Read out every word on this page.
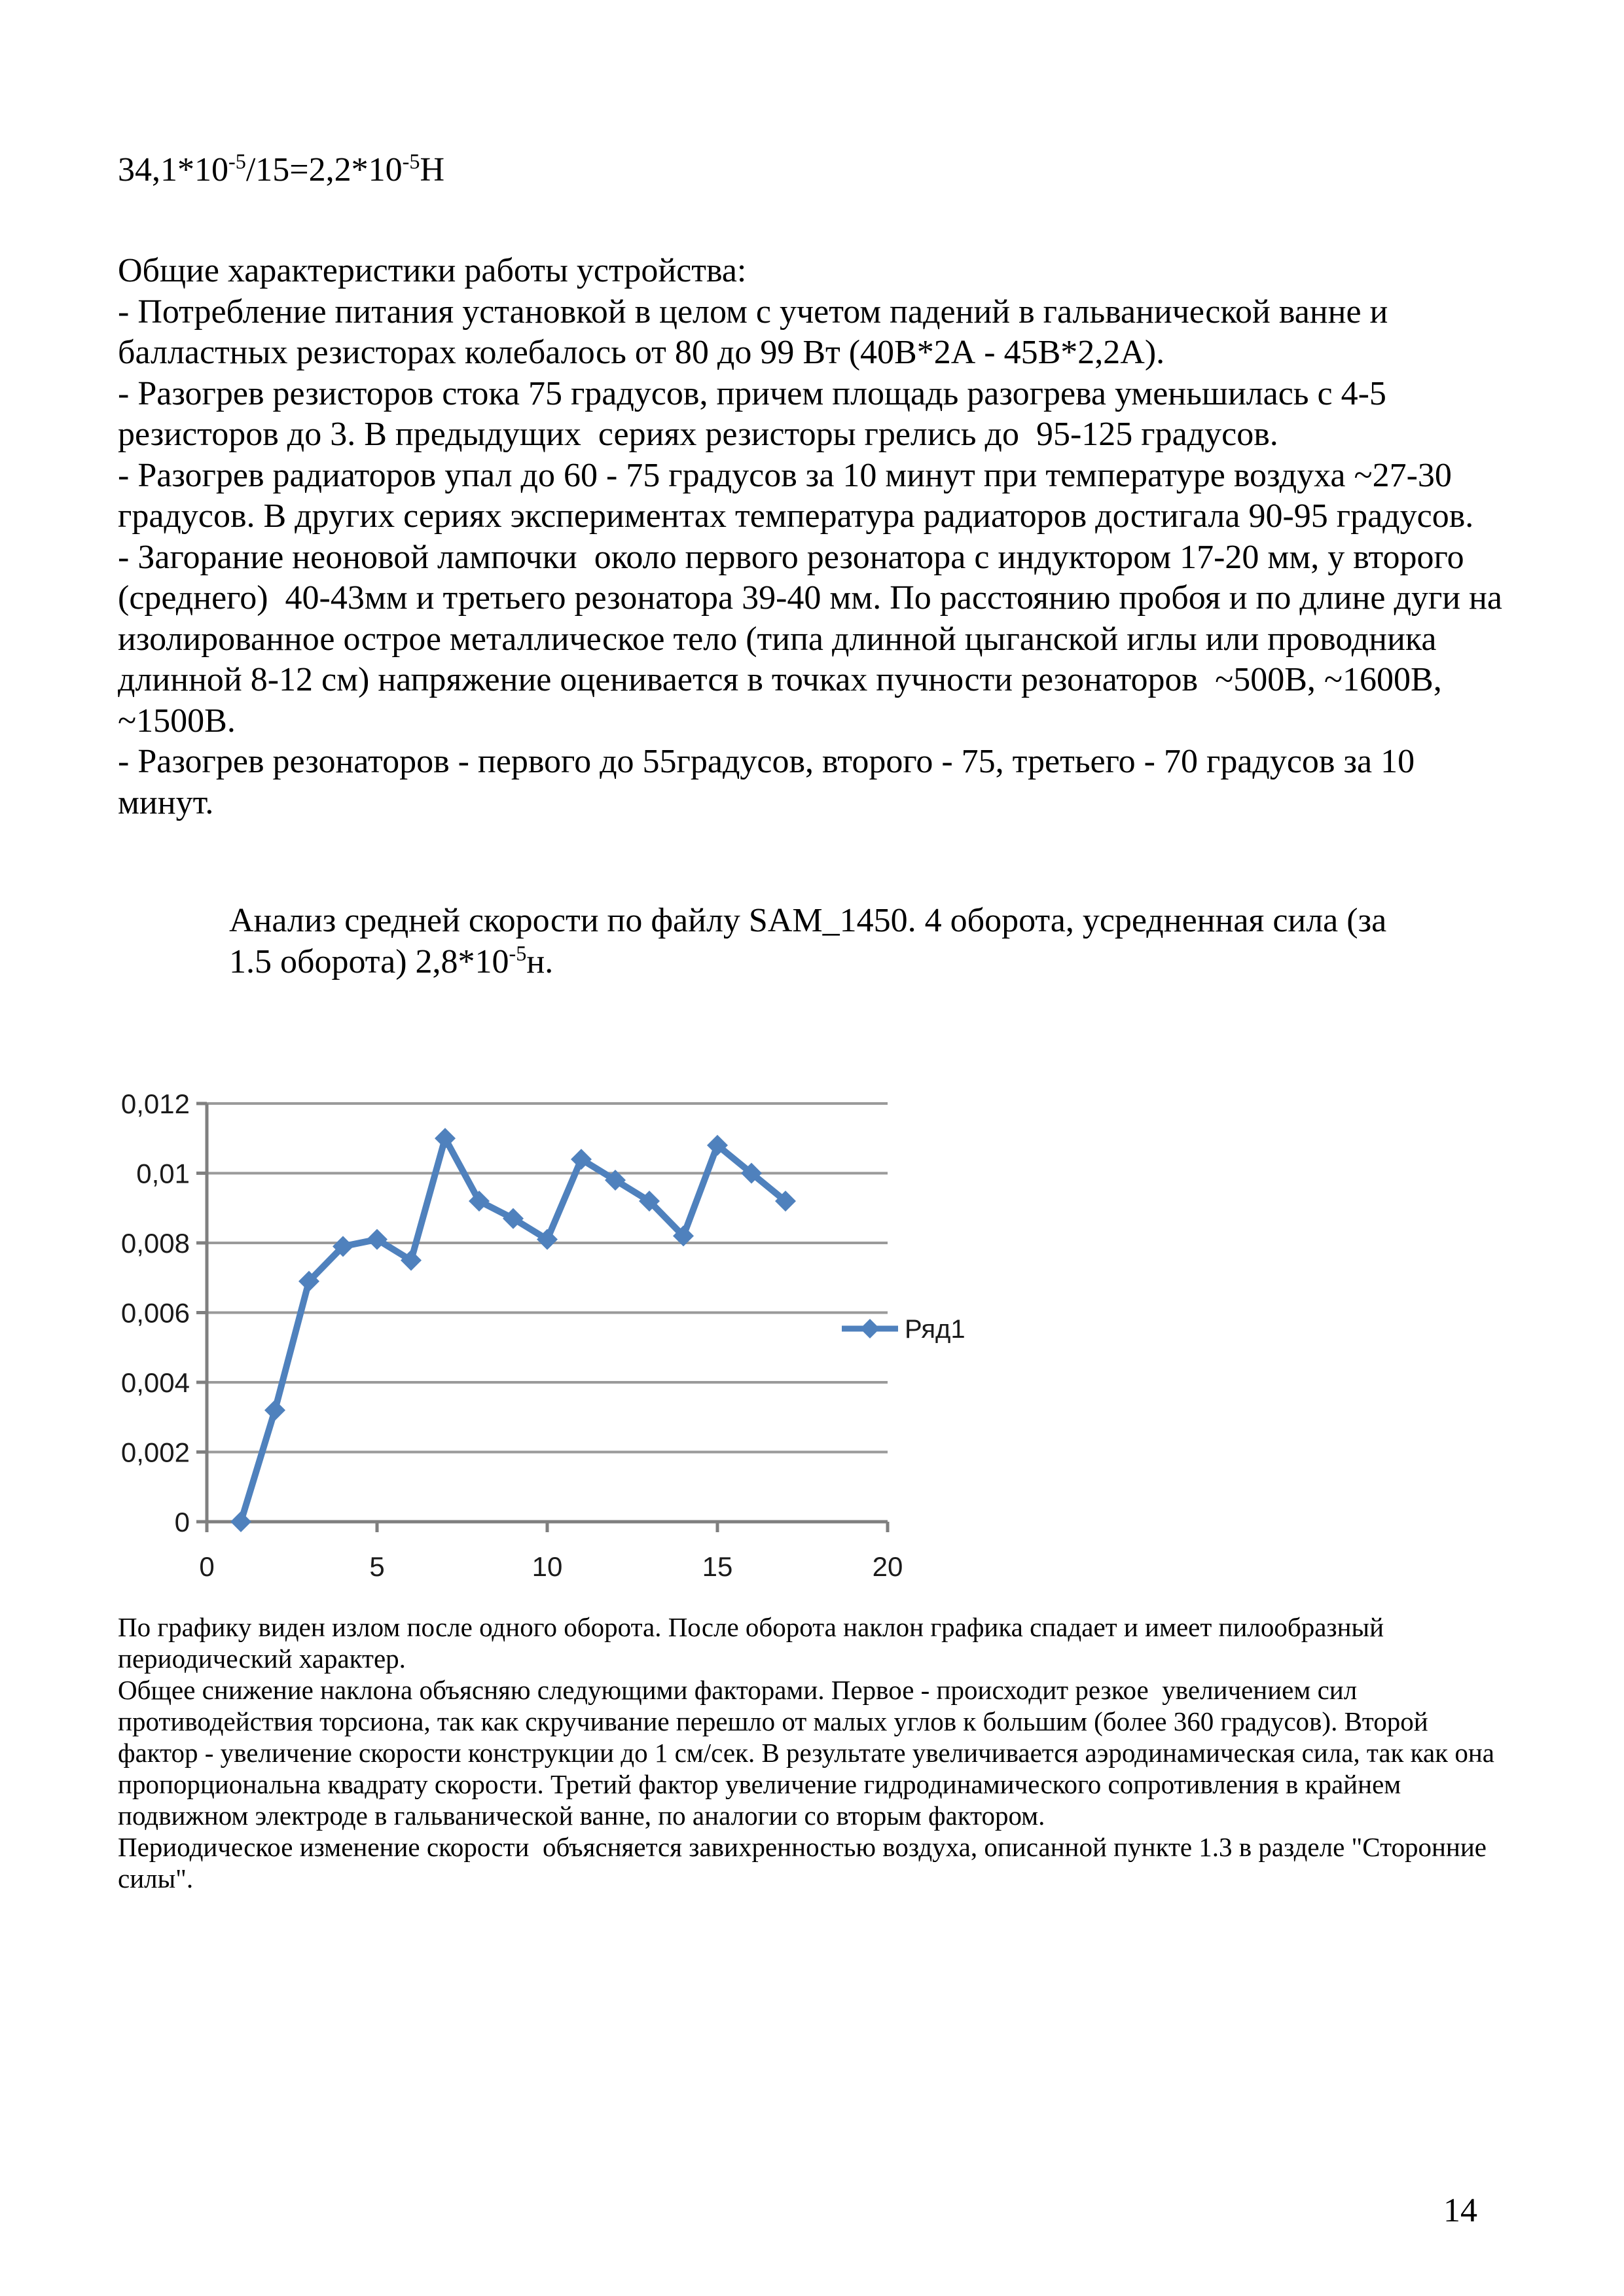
$34,1*10^{-5}/15=2,2*10^{-5}Н$
Общие характеристики работы устройства:
- Потребление питания установкой в целом с учетом падений в гальванической ванне и балластных резисторах колебалось от 80 до 99 Вт (40В*2А - 45В*2,2А).
- Разогрев резисторов стока 75 градусов, причем площадь разогрева уменьшилась с 4-5 резисторов до 3. В предыдущих  сериях резисторы грелись до  95-125 градусов.
- Разогрев радиаторов упал до 60 - 75 градусов за 10 минут при температуре воздуха ~27-30 градусов. В других сериях экспериментах температура радиаторов достигала 90-95 градусов.
- Загорание неоновой лампочки  около первого резонатора с индуктором 17-20 мм, у второго (среднего)  40-43мм и третьего резонатора 39-40 мм. По расстоянию пробоя и по длине дуги на изолированное острое металлическое тело (типа длинной цыганской иглы или проводника длинной 8-12 см) напряжение оценивается в точках пучности резонаторов  ~500В, ~1600В, ~1500В.
- Разогрев резонаторов - первого до 55градусов, второго - 75, третьего - 70 градусов за 10 минут.
Анализ средней скорости по файлу SAM_1450. 4 оборота, усредненная сила (за 1.5 оборота) $2,8*10^{-5}н$.
0
0,002
0,004
0,006
0,008
0,01
0,012
0	5	10	15	20
Ряд1
По графику виден излом после одного оборота. После оборота наклон графика спадает и имеет пилообразный периодический характер.
Общее снижение наклона объясняю следующими факторами. Первое - происходит резкое  увеличением сил противодействия торсиона, так как скручивание перешло от малых углов к большим (более 360 градусов). Второй фактор - увеличение скорости конструкции до 1 см/сек. В результате увеличивается аэродинамическая сила, так как она пропорциональна квадрату скорости. Третий фактор увеличение гидродинамического сопротивления в крайнем подвижном электроде в гальванической ванне, по аналогии со вторым фактором.
Периодическое изменение скорости  объясняется завихренностью воздуха, описанной пункте 1.3 в разделе "Сторонние силы".
14
